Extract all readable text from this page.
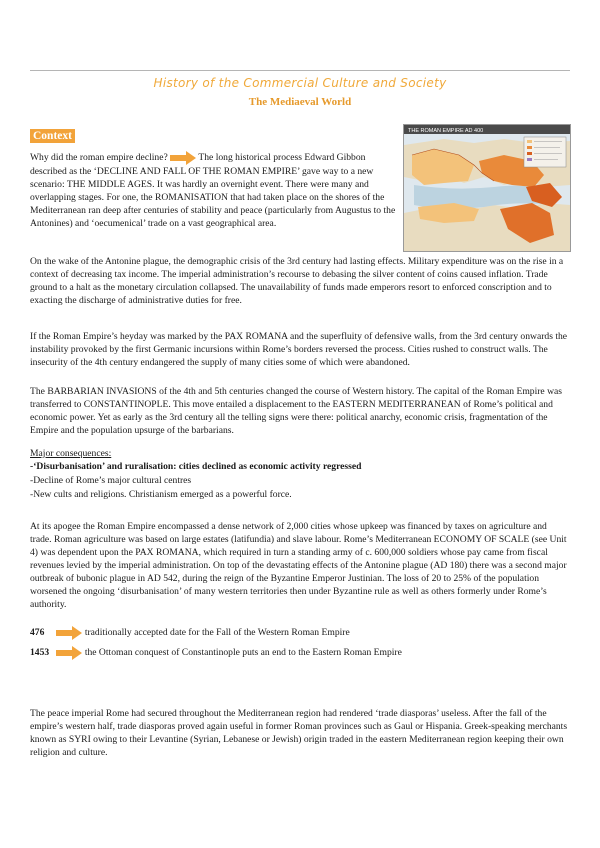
History of the Commercial Culture and Society
The Mediaeval World
Context	THE ROMAN EMPIRE AD 400

Why did the roman empire decline?	The long historical process Edward Gibbon described as the ‘DECLINE AND FALL OF THE ROMAN EMPIRE’ gave way to a new scenario: THE MIDDLE AGES. It was hardly an overnight event. There were many and overlapping stages. For one, the ROMANISATION that had taken place on the shores of the Mediterranean ran deep after centuries of stability and peace (particularly from Augustus to the Antonines) and ‘oecumenical’ trade on a vast geographical area.

On the wake of the Antonine plague, the demographic crisis of the 3rd century had lasting effects. Military expenditure was on the rise in a context of decreasing tax income. The imperial administration’s recourse to debasing the silver content of coins caused inflation. Trade ground to a halt as the monetary circulation collapsed. The unavailability of funds made emperors resort to enforced conscription and to exacting the discharge of administrative duties for free.

If the Roman Empire’s heyday was marked by the PAX ROMANA and the superfluity of defensive walls, from the 3rd century onwards the instability provoked by the first Germanic incursions within Rome’s borders reversed the process. Cities rushed to construct walls. The insecurity of the 4th century endangered the supply of many cities some of which were abandoned.

The BARBARIAN INVASIONS of the 4th and 5th centuries changed the course of Western history. The capital of the Roman Empire was transferred to CONSTANTINOPLE. This move entailed a displacement to the EASTERN MEDITERRANEAN of Rome’s political and economic power. Yet as early as the 3rd century all the telling signs were there: political anarchy, economic crisis, fragmentation of the Empire and the population upsurge of the barbarians.

Major consequences:

-‘Disurbanisation’ and ruralisation: cities declined as economic activity regressed

-Decline of Rome’s major cultural centres

-New cults and religions. Christianism emerged as a powerful force.

At its apogee the Roman Empire encompassed a dense network of 2,000 cities whose upkeep was financed by taxes on agriculture and trade. Roman agriculture was based on large estates (latifundia) and slave labour. Rome’s Mediterranean ECONOMY OF SCALE (see Unit 4) was dependent upon the PAX ROMANA, which required in turn a standing army of c. 600,000 soldiers whose pay came from fiscal revenues levied by the imperial administration. On top of the devastating effects of the Antonine plague (AD 180) there was a second major outbreak of bubonic plague in AD 542, during the reign of the Byzantine Emperor Justinian. The loss of 20 to 25% of the population worsened the ongoing ‘disurbanisation’ of many western territories then under Byzantine rule as well as others formerly under Rome’s authority.

476	traditionally accepted date for the Fall of the Western Roman Empire
1453	the Ottoman conquest of Constantinople puts an end to the Eastern Roman Empire

The peace imperial Rome had secured throughout the Mediterranean region had rendered ‘trade diasporas’ useless. After the fall of the empire’s western half, trade diasporas proved again useful in former Roman provinces such as Gaul or Hispania. Greek-speaking merchants known as SYRI owing to their Levantine (Syrian, Lebanese or Jewish) origin traded in the eastern Mediterranean region keeping their own religion and culture.
